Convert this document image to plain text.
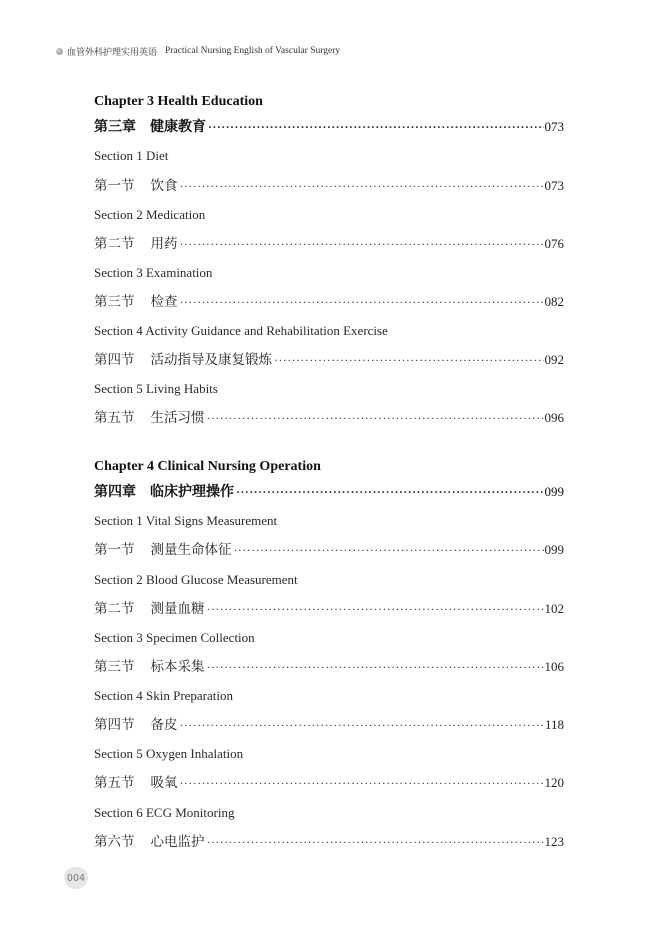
血管外科护理实用英语 Practical Nursing English of Vascular Surgery
Chapter 3 Health Education
第三章 健康教育 ·····	073
Section 1 Diet
第一节 饮食 ·····	073
Section 2 Medication
第二节 用药 ·····	076
Section 3 Examination
第三节 检查 ·····	082
Section 4 Activity Guidance and Rehabilitation Exercise
第四节 活动指导及康复锻炼 ·····	092
Section 5 Living Habits
第五节 生活习惯 ·····	096
Chapter 4 Clinical Nursing Operation
第四章 临床护理操作 ·····	099
Section 1 Vital Signs Measurement
第一节 测量生命体征 ·····	099
Section 2 Blood Glucose Measurement
第二节 测量血糖 ·····	102
Section 3 Specimen Collection
第三节 标本采集 ·····	106
Section 4 Skin Preparation
第四节 备皮 ·····	118
Section 5 Oxygen Inhalation
第五节 吸氧 ·····	120
Section 6 ECG Monitoring
第六节 心电监护 ·····	123
004
